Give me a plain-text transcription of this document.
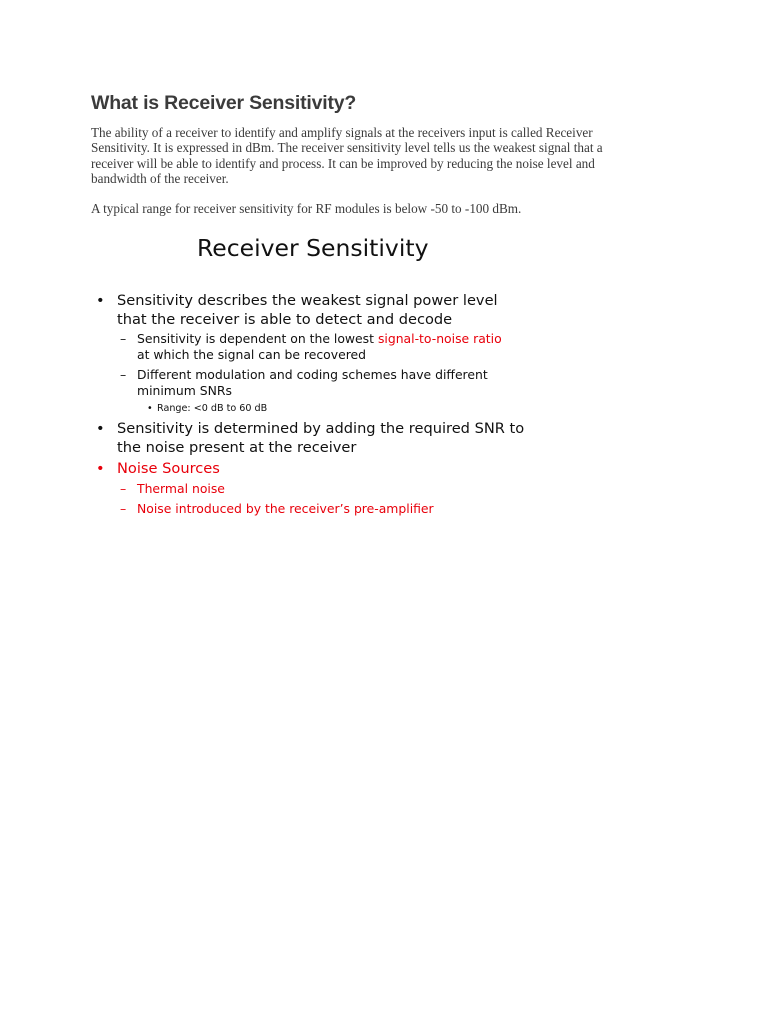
What is Receiver Sensitivity?

The ability of a receiver to identify and amplify signals at the receivers input is called Receiver
Sensitivity. It is expressed in dBm. The receiver sensitivity level tells us the weakest signal that a
receiver will be able to identify and process. It can be improved by reducing the noise level and
bandwidth of the receiver.

A typical range for receiver sensitivity for RF modules is below -50 to -100 dBm.

Receiver Sensitivity
• Sensitivity describes the weakest signal power level
that the receiver is able to detect and decode
– Sensitivity is dependent on the lowest signal-to-noise ratio
at which the signal can be recovered
– Different modulation and coding schemes have different
minimum SNRs
• Range: <0 dB to 60 dB
• Sensitivity is determined by adding the required SNR to
the noise present at the receiver
• Noise Sources
– Thermal noise
– Noise introduced by the receiver’s pre-amplifier
